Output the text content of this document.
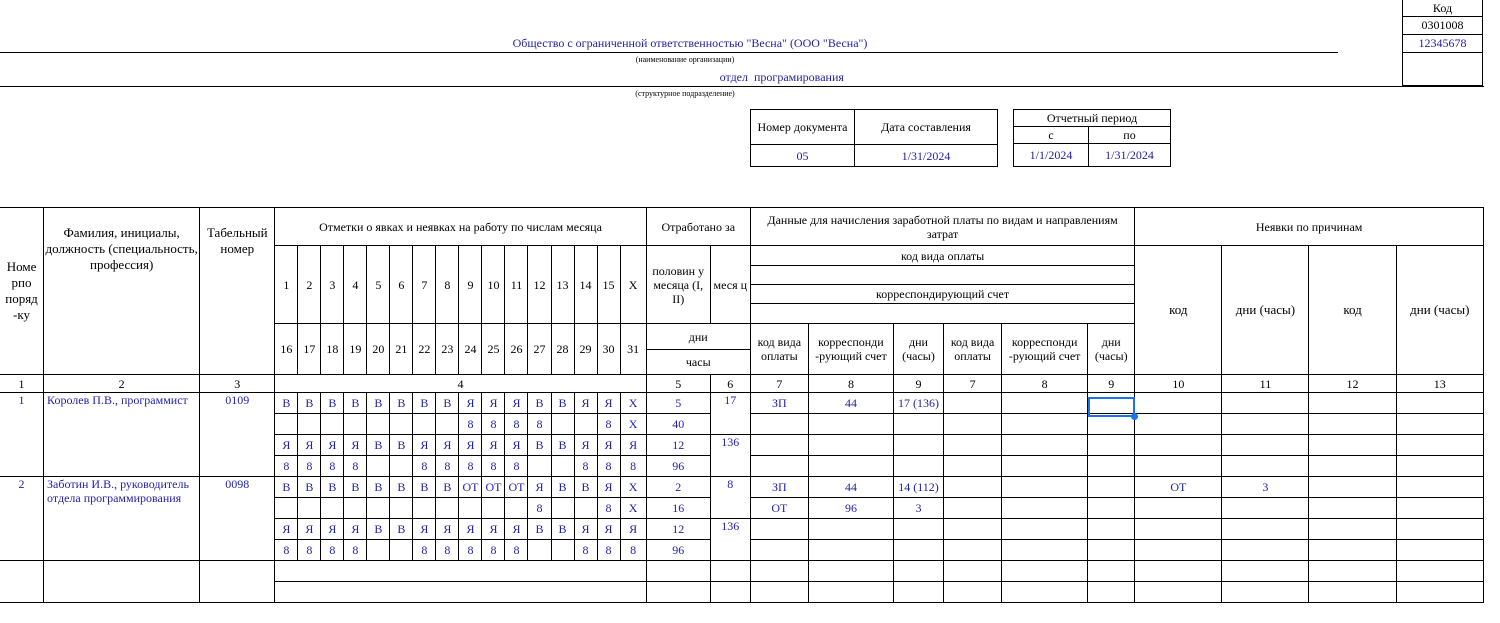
Общество с ограниченной ответственностью "Весна" (ООО "Весна")
(наименование организации)
отдел програмирования
(структурное подразделение)
Код
0301008
12345678
Номер документа	Дата составления
05	1/31/2024
Отчетный период	
с	по
1/1/2024	1/31/2024
Номе рпо поряд -ку	Фамилия, инициалы, должность (специальность, профессия)	Табельный номер	Отметки о явках и неявках на работу по числам месяца																Отработано за		Данные для начисления заработной платы по видам и направлениям затрат						Неявки по причинам			
			1	2	3	4	5	6	7	8	9	10	11	12	13	14	15	X	половин у месяца (I, II)	меся ц	код вида оплаты						код	дни (часы)	код	дни (часы)

																					корреспондирующий счет									

			16	17	18	19	20	21	22	23	24	25	26	27	28	29	30	31	дни		код вида оплаты	корреспонди -рующий счет	дни (часы)	код вида оплаты	корреспонди -рующий счет	дни (часы)				
																			часы											
1	2	3	4																5	6	7	8	9	7	8	9	10	11	12	13
1	Королев П.В., программист	0109	В	В	В	В	В	В	В	В	Я	Я	Я	В	В	Я	Я	X	5	17	ЗП	44	17 (136)							
											8	8	8	8			8	X	40											
			Я	Я	Я	Я	В	В	Я	Я	Я	Я	Я	В	В	Я	Я	Я	12	136										
			8	8	8	8			8	8	8	8	8			8	8	8	96											
2	Заботин И.В., руководитель отдела программирования	0098	В	В	В	В	В	В	В	В	ОТ	ОТ	ОТ	Я	В	В	Я	X	2	8	ЗП	44	14 (112)				ОТ	3		
														8			8	X	16		ОТ	96	3							
			Я	Я	Я	Я	В	В	Я	Я	Я	Я	Я	В	В	Я	Я	Я	12	136										
			8	8	8	8			8	8	8	8	8			8	8	8	96											
